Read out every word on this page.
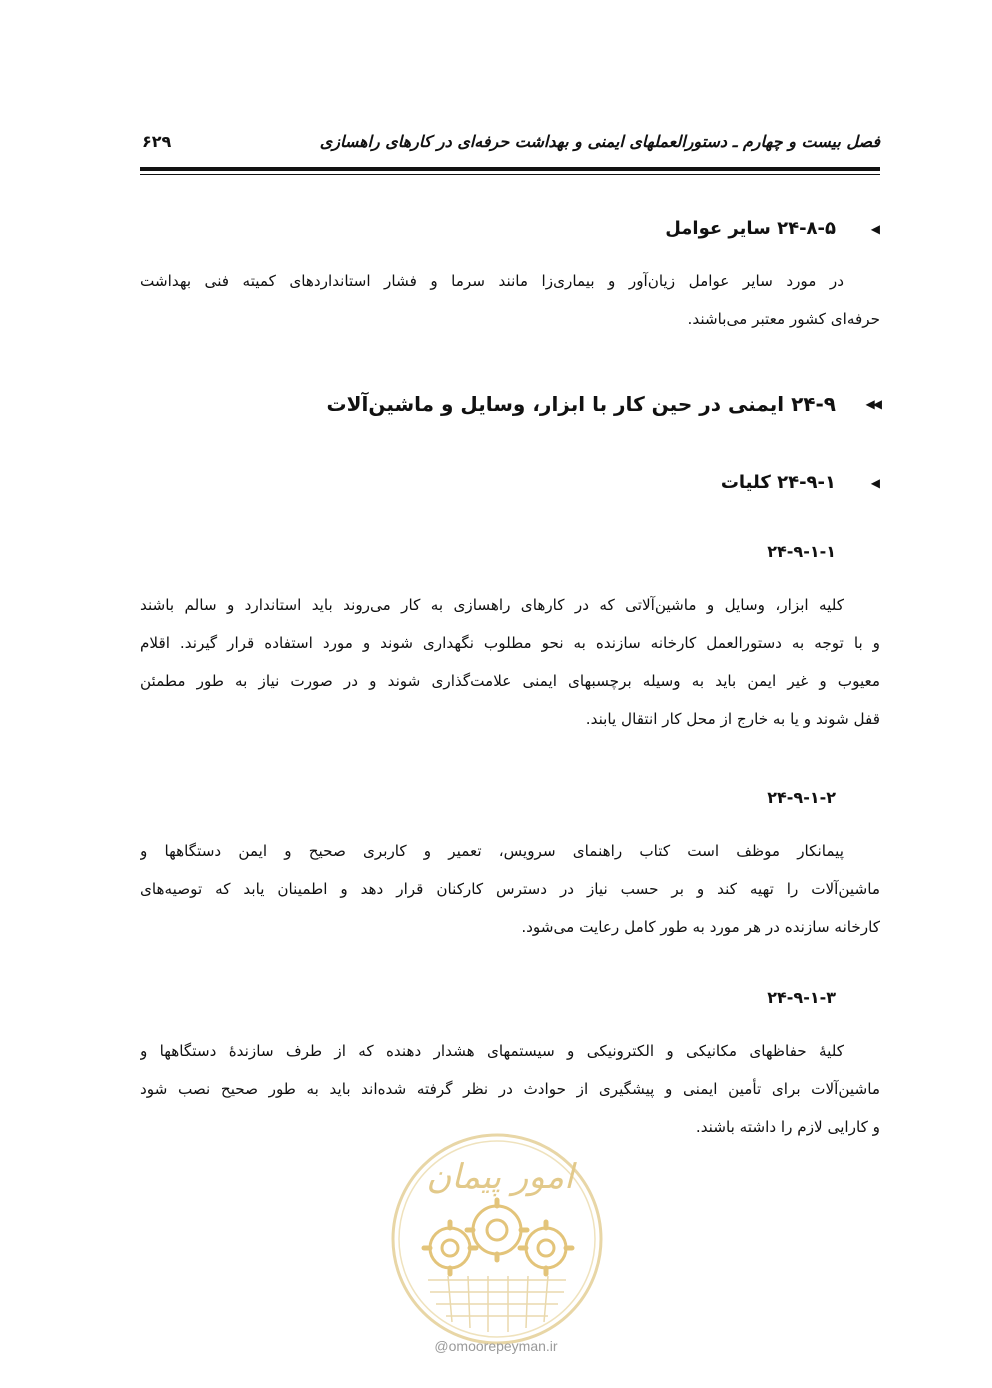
فصل بیست و چهارم ـ دستورالعملهای ایمنی و بهداشت حرفه‌ای در کارهای راهسازی
۶۲۹
◀
۲۴-۸-۵ سایر عوامل
در مورد سایر عوامل زیان‌آور و بیماری‌زا مانند سرما و فشار استانداردهای کمیته فنی بهداشت
حرفه‌ای کشور معتبر می‌باشند.
◀◀
۲۴-۹ ایمنی در حین کار با ابزار، وسایل و ماشین‌آلات
◀
۲۴-۹-۱ کلیات
۲۴-۹-۱-۱
کلیه ابزار، وسایل و ماشین‌آلاتی که در کارهای راهسازی به کار می‌روند باید استاندارد و سالم باشند
و با توجه به دستورالعمل کارخانه سازنده به نحو مطلوب نگهداری شوند و مورد استفاده قرار گیرند. اقلام
معیوب و غیر ایمن باید به وسیله برچسبهای ایمنی علامت‌گذاری شوند و در صورت نیاز به طور مطمئن
قفل شوند و یا به خارج از محل کار انتقال یابند.
۲۴-۹-۱-۲
پیمانکار موظف است کتاب راهنمای سرویس، تعمیر و کاربری صحیح و ایمن دستگاهها و
ماشین‌آلات را تهیه کند و بر حسب نیاز در دسترس کارکنان قرار دهد و اطمینان یابد که توصیه‌های
کارخانه سازنده در هر مورد به طور کامل رعایت می‌شود.
۲۴-۹-۱-۳
کلیهٔ حفاظهای مکانیکی و الکترونیکی و سیستمهای هشدار دهنده که از طرف سازندهٔ دستگاهها و
ماشین‌آلات برای تأمین ایمنی و پیشگیری از حوادث در نظر گرفته شده‌اند باید به طور صحیح نصب شود
و کارایی لازم را داشته باشند.
امور پیمان
@omoorepeyman.ir
